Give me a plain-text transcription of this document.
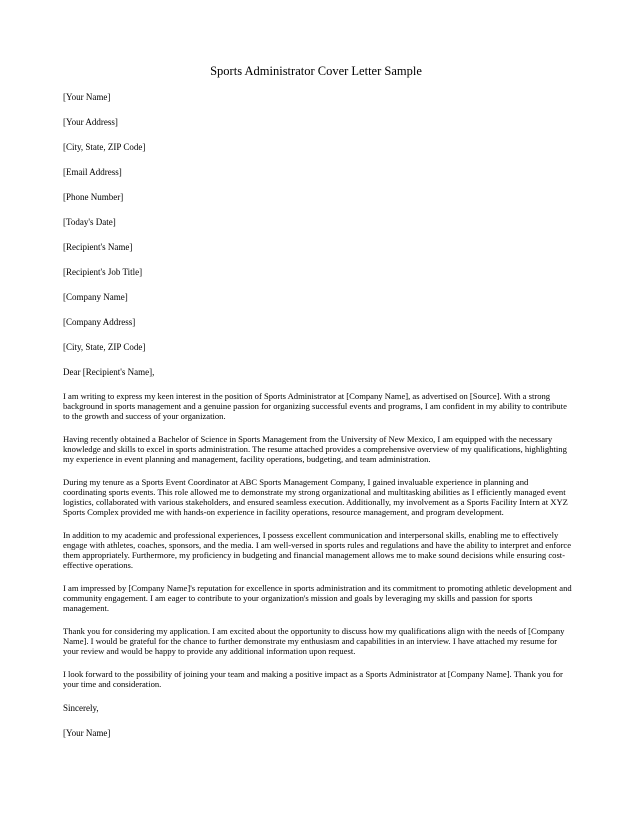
Sports Administrator Cover Letter Sample
[Your Name]
[Your Address]
[City, State, ZIP Code]
[Email Address]
[Phone Number]
[Today's Date]
[Recipient's Name]
[Recipient's Job Title]
[Company Name]
[Company Address]
[City, State, ZIP Code]
Dear [Recipient's Name],
I am writing to express my keen interest in the position of Sports Administrator at [Company Name], as advertised on [Source]. With a strong background in sports management and a genuine passion for organizing successful events and programs, I am confident in my ability to contribute to the growth and success of your organization.
Having recently obtained a Bachelor of Science in Sports Management from the University of New Mexico, I am equipped with the necessary knowledge and skills to excel in sports administration. The resume attached provides a comprehensive overview of my qualifications, highlighting my experience in event planning and management, facility operations, budgeting, and team administration.
During my tenure as a Sports Event Coordinator at ABC Sports Management Company, I gained invaluable experience in planning and coordinating sports events. This role allowed me to demonstrate my strong organizational and multitasking abilities as I efficiently managed event logistics, collaborated with various stakeholders, and ensured seamless execution. Additionally, my involvement as a Sports Facility Intern at XYZ Sports Complex provided me with hands-on experience in facility operations, resource management, and program development.
In addition to my academic and professional experiences, I possess excellent communication and interpersonal skills, enabling me to effectively engage with athletes, coaches, sponsors, and the media. I am well-versed in sports rules and regulations and have the ability to interpret and enforce them appropriately. Furthermore, my proficiency in budgeting and financial management allows me to make sound decisions while ensuring cost-effective operations.
I am impressed by [Company Name]'s reputation for excellence in sports administration and its commitment to promoting athletic development and community engagement. I am eager to contribute to your organization's mission and goals by leveraging my skills and passion for sports management.
Thank you for considering my application. I am excited about the opportunity to discuss how my qualifications align with the needs of [Company Name]. I would be grateful for the chance to further demonstrate my enthusiasm and capabilities in an interview. I have attached my resume for your review and would be happy to provide any additional information upon request.
I look forward to the possibility of joining your team and making a positive impact as a Sports Administrator at [Company Name]. Thank you for your time and consideration.
Sincerely,
[Your Name]
